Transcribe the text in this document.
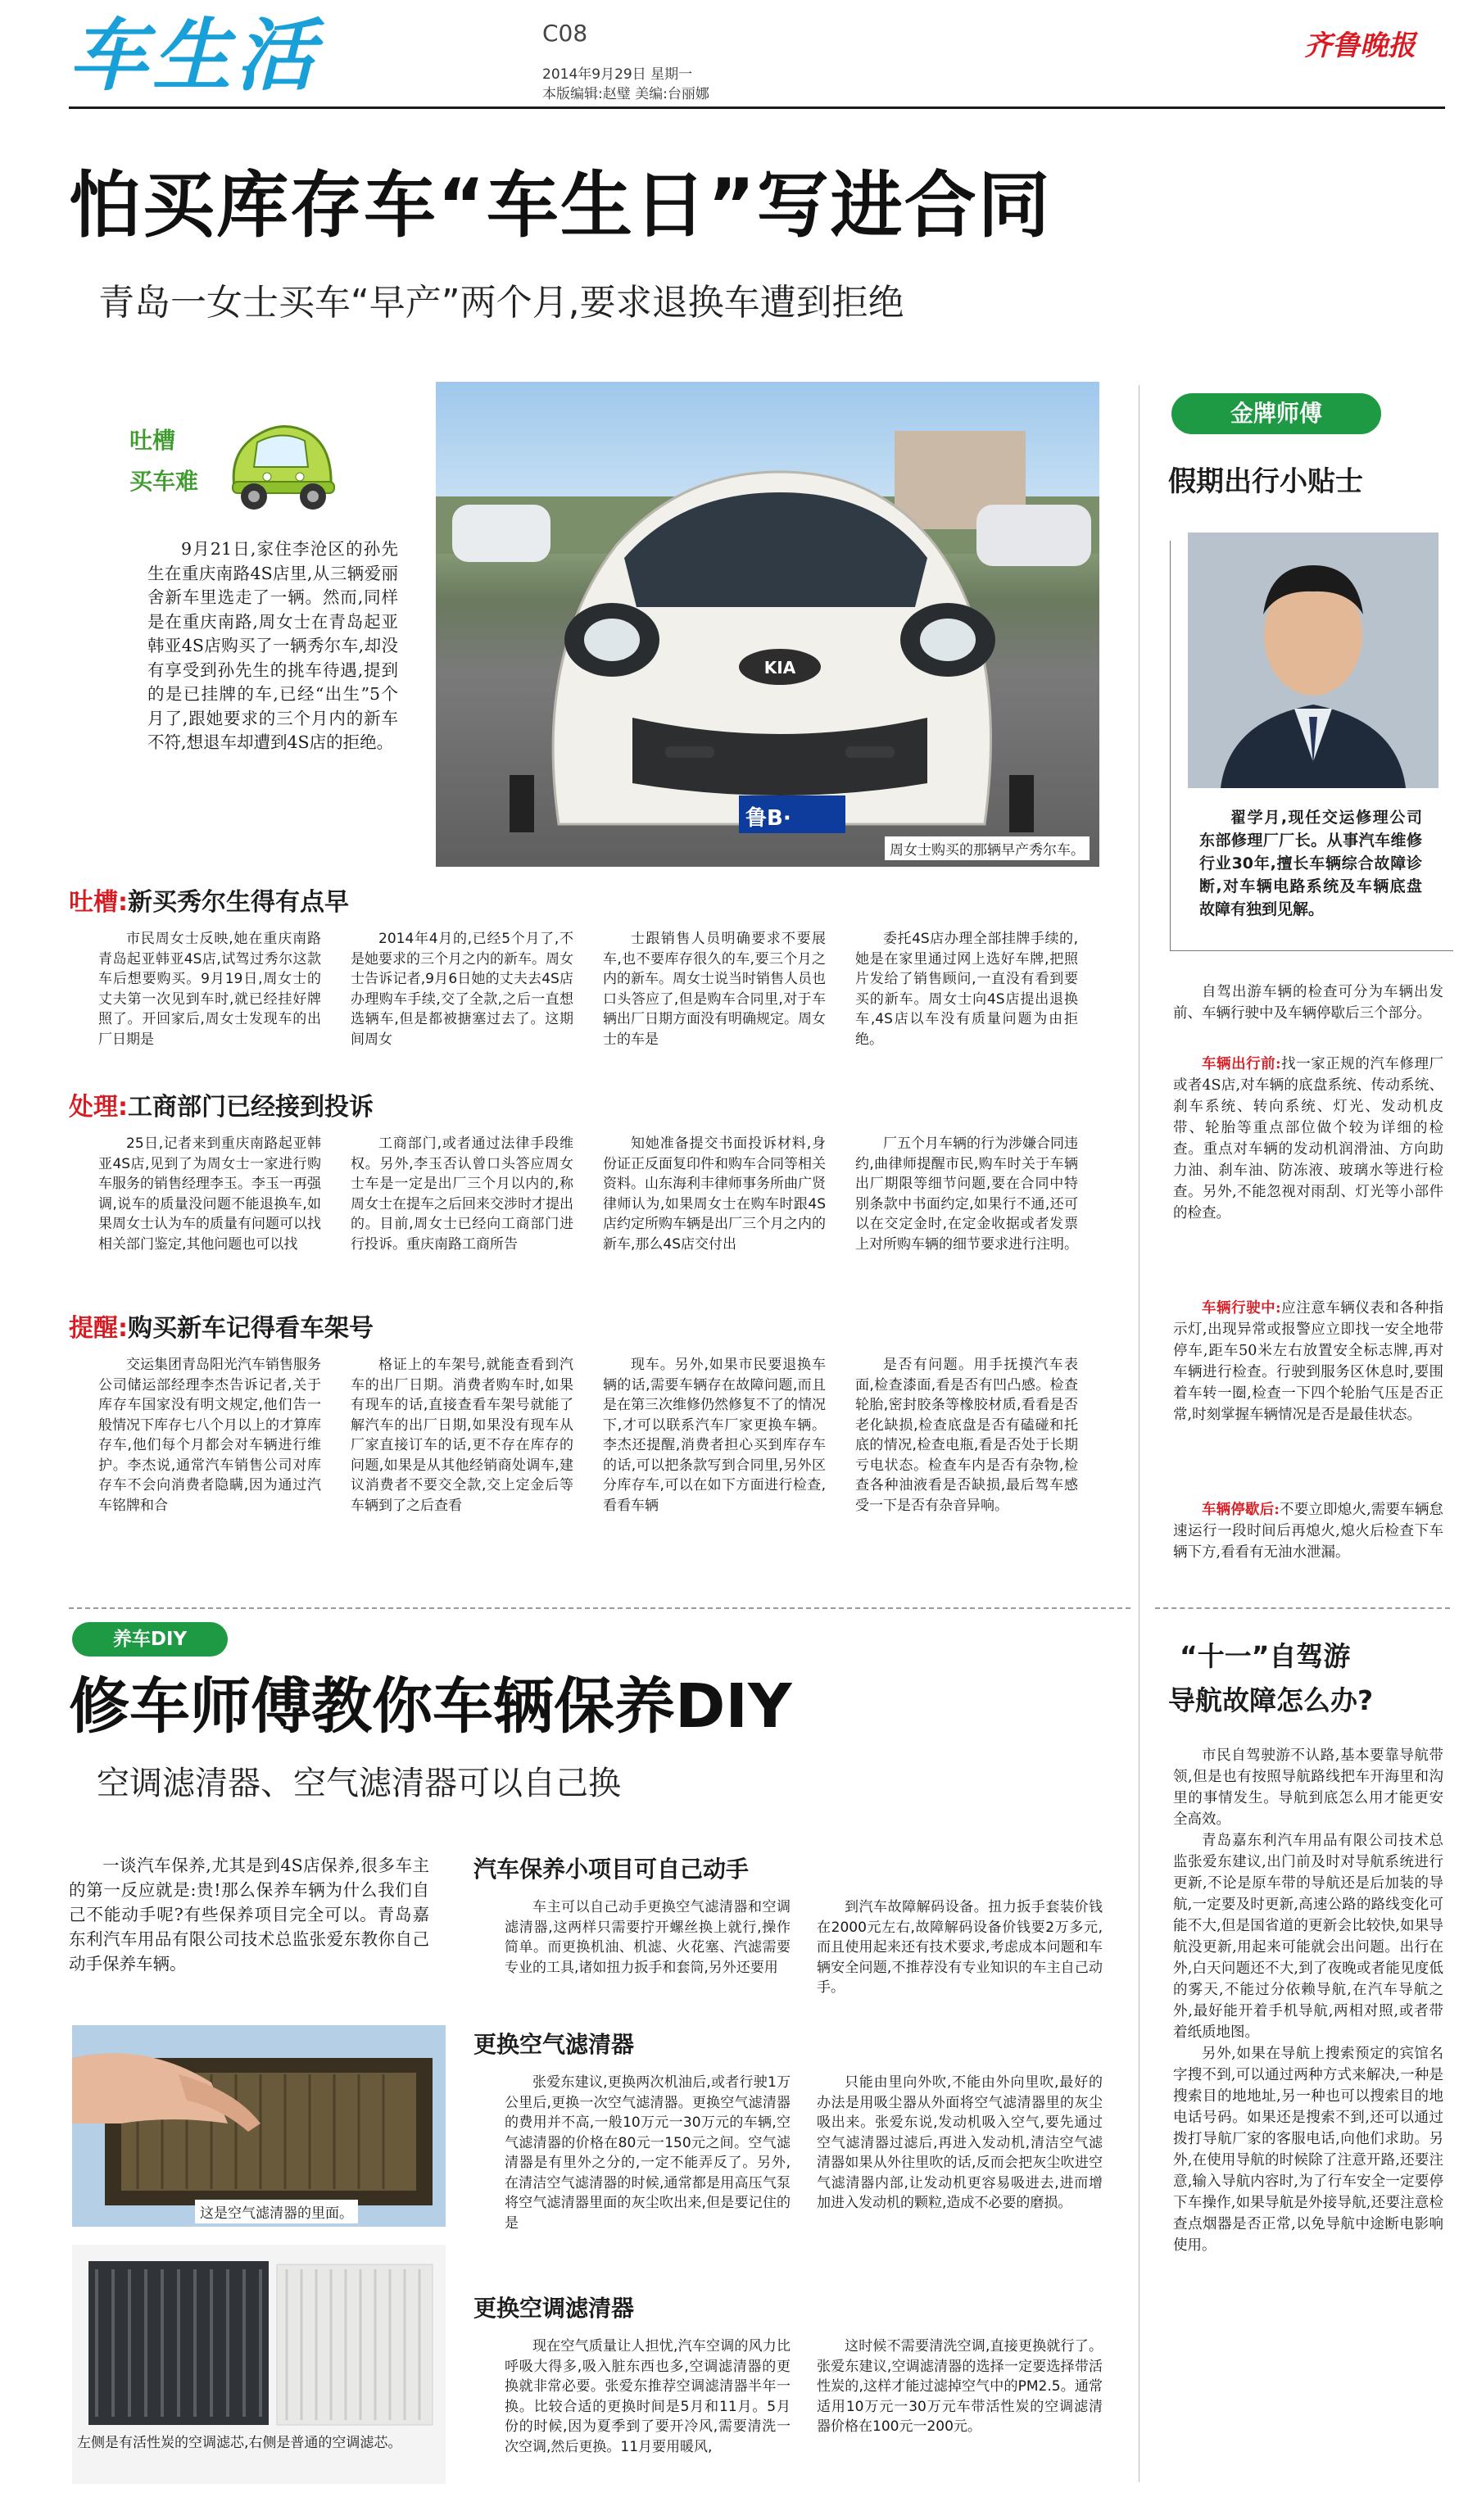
车生活	C08
2014年9月29日 星期一
本版编辑:赵璧 美编:台丽娜
齐鲁晚报
怕买库存车“车生日”写进合同
青岛一女士买车“早产”两个月,要求退换车遭到拒绝
吐槽
买车难

9月21日,家住李沧区的孙先生在重庆南路4S店里,从三辆爱丽舍新车里选走了一辆。然而,同样是在重庆南路,周女士在青岛起亚韩亚4S店购买了一辆秀尔车,却没有享受到孙先生的挑车待遇,提到的是已挂牌的车,已经“出生”5个月了,跟她要求的三个月内的新车不符,想退车却遭到4S店的拒绝。

KIA
鲁B·
周女士购买的那辆早产秀尔车。
吐槽:新买秀尔生得有点早

市民周女士反映,她在重庆南路青岛起亚韩亚4S店,试驾过秀尔这款车后想要购买。9月19日,周女士的丈夫第一次见到车时,就已经挂好牌照了。开回家后,周女士发现车的出厂日期是

2014年4月的,已经5个月了,不是她要求的三个月之内的新车。周女士告诉记者,9月6日她的丈夫去4S店办理购车手续,交了全款,之后一直想选辆车,但是都被搪塞过去了。这期间周女

士跟销售人员明确要求不要展车,也不要库存很久的车,要三个月之内的新车。周女士说当时销售人员也口头答应了,但是购车合同里,对于车辆出厂日期方面没有明确规定。周女士的车是

委托4S店办理全部挂牌手续的,她是在家里通过网上选好车牌,把照片发给了销售顾问,一直没有看到要买的新车。周女士向4S店提出退换车,4S店以车没有质量问题为由拒绝。

处理:工商部门已经接到投诉

25日,记者来到重庆南路起亚韩亚4S店,见到了为周女士一家进行购车服务的销售经理李玉。李玉一再强调,说车的质量没问题不能退换车,如果周女士认为车的质量有问题可以找相关部门鉴定,其他问题也可以找

工商部门,或者通过法律手段维权。另外,李玉否认曾口头答应周女士车是一定是出厂三个月以内的,称周女士在提车之后回来交涉时才提出的。目前,周女士已经向工商部门进行投诉。重庆南路工商所告

知她准备提交书面投诉材料,身份证正反面复印件和购车合同等相关资料。山东海利丰律师事务所曲广贤律师认为,如果周女士在购车时跟4S店约定所购车辆是出厂三个月之内的新车,那么4S店交付出

厂五个月车辆的行为涉嫌合同违约,曲律师提醒市民,购车时关于车辆出厂期限等细节问题,要在合同中特别条款中书面约定,如果行不通,还可以在交定金时,在定金收据或者发票上对所购车辆的细节要求进行注明。

提醒:购买新车记得看车架号

交运集团青岛阳光汽车销售服务公司储运部经理李杰告诉记者,关于库存车国家没有明文规定,他们告一般情况下库存七八个月以上的才算库存车,他们每个月都会对车辆进行维护。李杰说,通常汽车销售公司对库存车不会向消费者隐瞒,因为通过汽车铭牌和合

格证上的车架号,就能查看到汽车的出厂日期。消费者购车时,如果有现车的话,直接查看车架号就能了解汽车的出厂日期,如果没有现车从厂家直接订车的话,更不存在库存的问题,如果是从其他经销商处调车,建议消费者不要交全款,交上定金后等车辆到了之后查看

现车。另外,如果市民要退换车辆的话,需要车辆存在故障问题,而且是在第三次维修仍然修复不了的情况下,才可以联系汽车厂家更换车辆。李杰还提醒,消费者担心买到库存车的话,可以把条款写到合同里,另外区分库存车,可以在如下方面进行检查,看看车辆

是否有问题。用手抚摸汽车表面,检查漆面,看是否有凹凸感。检查轮胎,密封胶条等橡胶材质,看看是否老化缺损,检查底盘是否有磕碰和托底的情况,检查电瓶,看是否处于长期亏电状态。检查车内是否有杂物,检查各种油液看是否缺损,最后驾车感受一下是否有杂音异响。

金牌师傅
假期出行小贴士

翟学月,现任交运修理公司东部修理厂厂长。从事汽车维修行业30年,擅长车辆综合故障诊断,对车辆电路系统及车辆底盘故障有独到见解。

自驾出游车辆的检查可分为车辆出发前、车辆行驶中及车辆停歇后三个部分。

车辆出行前:找一家正规的汽车修理厂或者4S店,对车辆的底盘系统、传动系统、刹车系统、转向系统、灯光、发动机皮带、轮胎等重点部位做个较为详细的检查。重点对车辆的发动机润滑油、方向助力油、刹车油、防冻液、玻璃水等进行检查。另外,不能忽视对雨刮、灯光等小部件的检查。

车辆行驶中:应注意车辆仪表和各种指示灯,出现异常或报警应立即找一安全地带停车,距车50米左右放置安全标志牌,再对车辆进行检查。行驶到服务区休息时,要围着车转一圈,检查一下四个轮胎气压是否正常,时刻掌握车辆情况是否是最佳状态。

车辆停歇后:不要立即熄火,需要车辆怠速运行一段时间后再熄火,熄火后检查下车辆下方,看看有无油水泄漏。

养车DIY
修车师傅教你车辆保养DIY
空调滤清器、空气滤清器可以自己换

一谈汽车保养,尤其是到4S店保养,很多车主的第一反应就是:贵!那么保养车辆为什么我们自己不能动手呢?有些保养项目完全可以。青岛嘉东利汽车用品有限公司技术总监张爱东教你自己动手保养车辆。

这是空气滤清器的里面。
左侧是有活性炭的空调滤芯,右侧是普通的空调滤芯。
汽车保养小项目可自己动手

车主可以自己动手更换空气滤清器和空调滤清器,这两样只需要拧开螺丝换上就行,操作简单。而更换机油、机滤、火花塞、汽滤需要专业的工具,诸如扭力扳手和套筒,另外还要用

到汽车故障解码设备。扭力扳手套装价钱在2000元左右,故障解码设备价钱要2万多元,而且使用起来还有技术要求,考虑成本问题和车辆安全问题,不推荐没有专业知识的车主自己动手。

更换空气滤清器

张爱东建议,更换两次机油后,或者行驶1万公里后,更换一次空气滤清器。更换空气滤清器的费用并不高,一般10万元一30万元的车辆,空气滤清器的价格在80元一150元之间。空气滤清器是有里外之分的,一定不能弄反了。另外,在清洁空气滤清器的时候,通常都是用高压气泵将空气滤清器里面的灰尘吹出来,但是要记住的是

只能由里向外吹,不能由外向里吹,最好的办法是用吸尘器从外面将空气滤清器里的灰尘吸出来。张爱东说,发动机吸入空气,要先通过空气滤清器过滤后,再进入发动机,清洁空气滤清器如果从外往里吹的话,反而会把灰尘吹进空气滤清器内部,让发动机更容易吸进去,进而增加进入发动机的颗粒,造成不必要的磨损。

更换空调滤清器

现在空气质量让人担忧,汽车空调的风力比呼吸大得多,吸入脏东西也多,空调滤清器的更换就非常必要。张爱东推荐空调滤清器半年一换。比较合适的更换时间是5月和11月。5月份的时候,因为夏季到了要开冷风,需要清洗一次空调,然后更换。11月要用暖风,

这时候不需要清洗空调,直接更换就行了。张爱东建议,空调滤清器的选择一定要选择带活性炭的,这样才能过滤掉空气中的PM2.5。通常适用10万元一30万元车带活性炭的空调滤清器价格在100元一200元。

“十一”自驾游
导航故障怎么办?

市民自驾驶游不认路,基本要靠导航带领,但是也有按照导航路线把车开海里和沟里的事情发生。导航到底怎么用才能更安全高效。

青岛嘉东利汽车用品有限公司技术总监张爱东建议,出门前及时对导航系统进行更新,不论是原车带的导航还是后加装的导航,一定要及时更新,高速公路的路线变化可能不大,但是国省道的更新会比较快,如果导航没更新,用起来可能就会出问题。出行在外,白天问题还不大,到了夜晚或者能见度低的雾天,不能过分依赖导航,在汽车导航之外,最好能开着手机导航,两相对照,或者带着纸质地图。

另外,如果在导航上搜索预定的宾馆名字搜不到,可以通过两种方式来解决,一种是搜索目的地地址,另一种也可以搜索目的地电话号码。如果还是搜索不到,还可以通过拨打导航厂家的客服电话,向他们求助。另外,在使用导航的时候除了注意开路,还要注意,输入导航内容时,为了行车安全一定要停下车操作,如果导航是外接导航,还要注意检查点烟器是否正常,以免导航中途断电影响使用。
